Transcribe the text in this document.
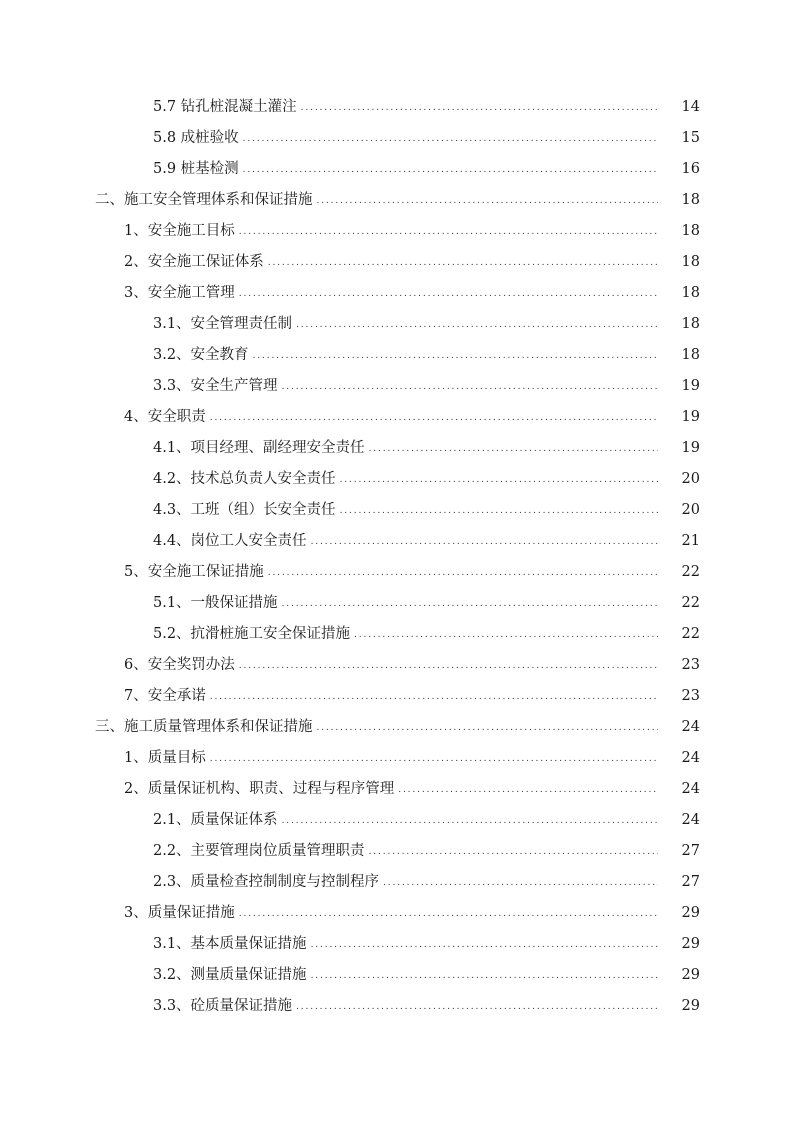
5.7 钻孔桩混凝土灌注 . . .	14
5.8 成桩验收 . . .	15
5.9 桩基检测 . . .	16
二、施工安全管理体系和保证措施 . . .	18
1、安全施工目标 . . .	18
2、安全施工保证体系 . . .	18
3、安全施工管理 . . .	18
3.1、安全管理责任制 . . .	18
3.2、安全教育 . . .	18
3.3、安全生产管理 . . .	19
4、安全职责 . . .	19
4.1、项目经理、副经理安全责任 . . .	19
4.2、技术总负责人安全责任 . . .	20
4.3、工班（组）长安全责任 . . .	20
4.4、岗位工人安全责任 . . .	21
5、安全施工保证措施 . . .	22
5.1、一般保证措施 . . .	22
5.2、抗滑桩施工安全保证措施 . . .	22
6、安全奖罚办法 . . .	23
7、安全承诺 . . .	23
三、施工质量管理体系和保证措施 . . .	24
1、质量目标 . . .	24
2、质量保证机构、职责、过程与程序管理 . . .	24
2.1、质量保证体系 . . .	24
2.2、主要管理岗位质量管理职责 . . .	27
2.3、质量检查控制制度与控制程序 . . .	27
3、质量保证措施 . . .	29
3.1、基本质量保证措施 . . .	29
3.2、测量质量保证措施 . . .	29
3.3、砼质量保证措施 . . .	29
